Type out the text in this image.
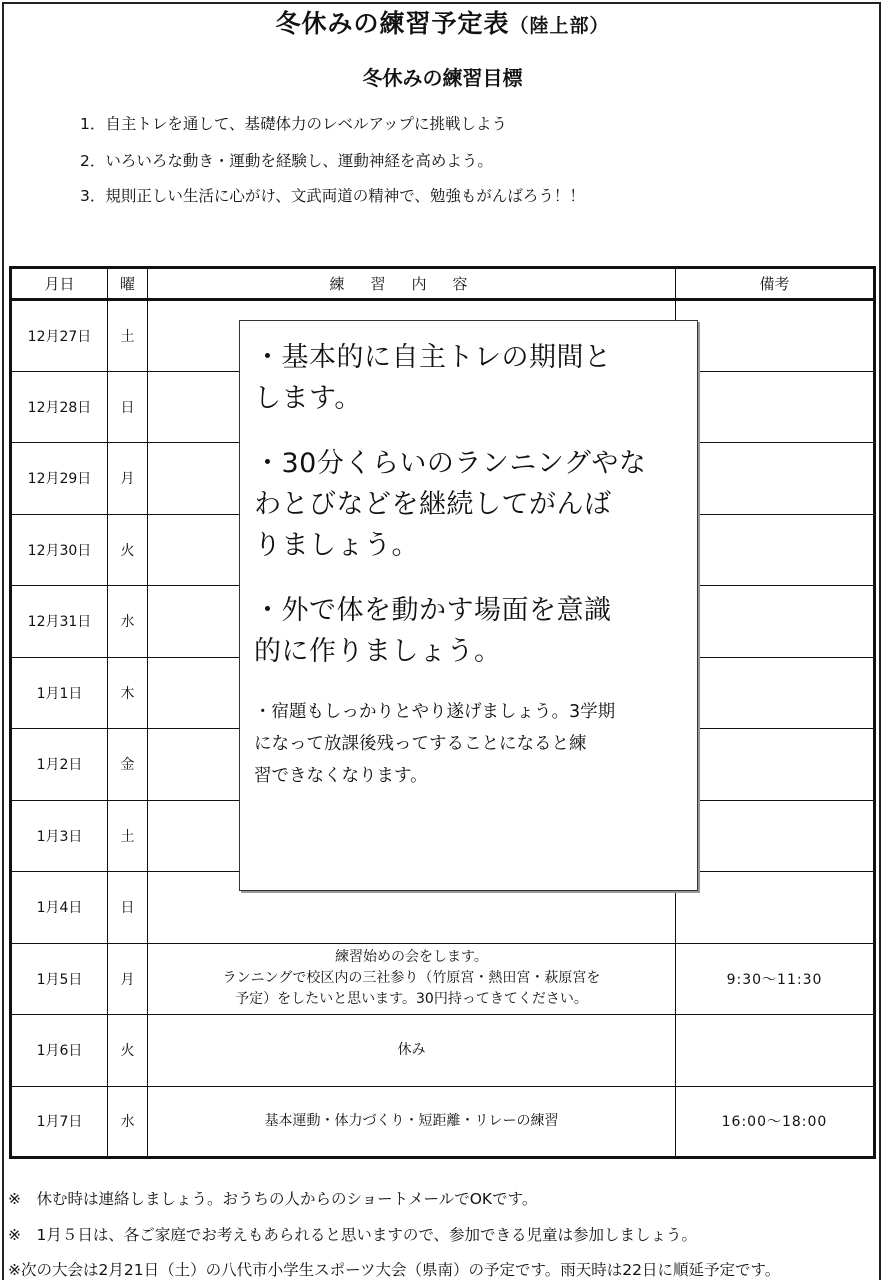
冬休みの練習予定表（陸上部）
冬休みの練習目標
1．自主トレを通して、基礎体力のレベルアップに挑戦しよう
2．いろいろな動き・運動を経験し、運動神経を高めよう。
3．規則正しい生活に心がけ、文武両道の精神で、勉強もがんばろう！！
月日	曜	練習内容	備考
12月27日	土		
12月28日	日		
12月29日	月		
12月30日	火		
12月31日	水		
1月1日	木		
1月2日	金		
1月3日	土		
1月4日	日		
1月5日	月	練習始めの会をします。
ランニングで校区内の三社参り（竹原宮・熱田宮・萩原宮を
予定）をしたいと思います。30円持ってきてください。	9:30～11:30
1月6日	火	休み	
1月7日	水	基本運動・体力づくり・短距離・リレーの練習	16:00～18:00
・基本的に自主トレの期間と
します。
・30分くらいのランニングやな
わとびなどを継続してがんば
りましょう。
・外で体を動かす場面を意識
的に作りましょう。
・宿題もしっかりとやり遂げましょう。3学期
になって放課後残ってすることになると練
習できなくなります。
※　休む時は連絡しましょう。おうちの人からのショートメールでOKです。
※　1月５日は、各ご家庭でお考えもあられると思いますので、参加できる児童は参加しましょう。
※次の大会は2月21日（土）の八代市小学生スポーツ大会（県南）の予定です。雨天時は22日に順延予定です。
